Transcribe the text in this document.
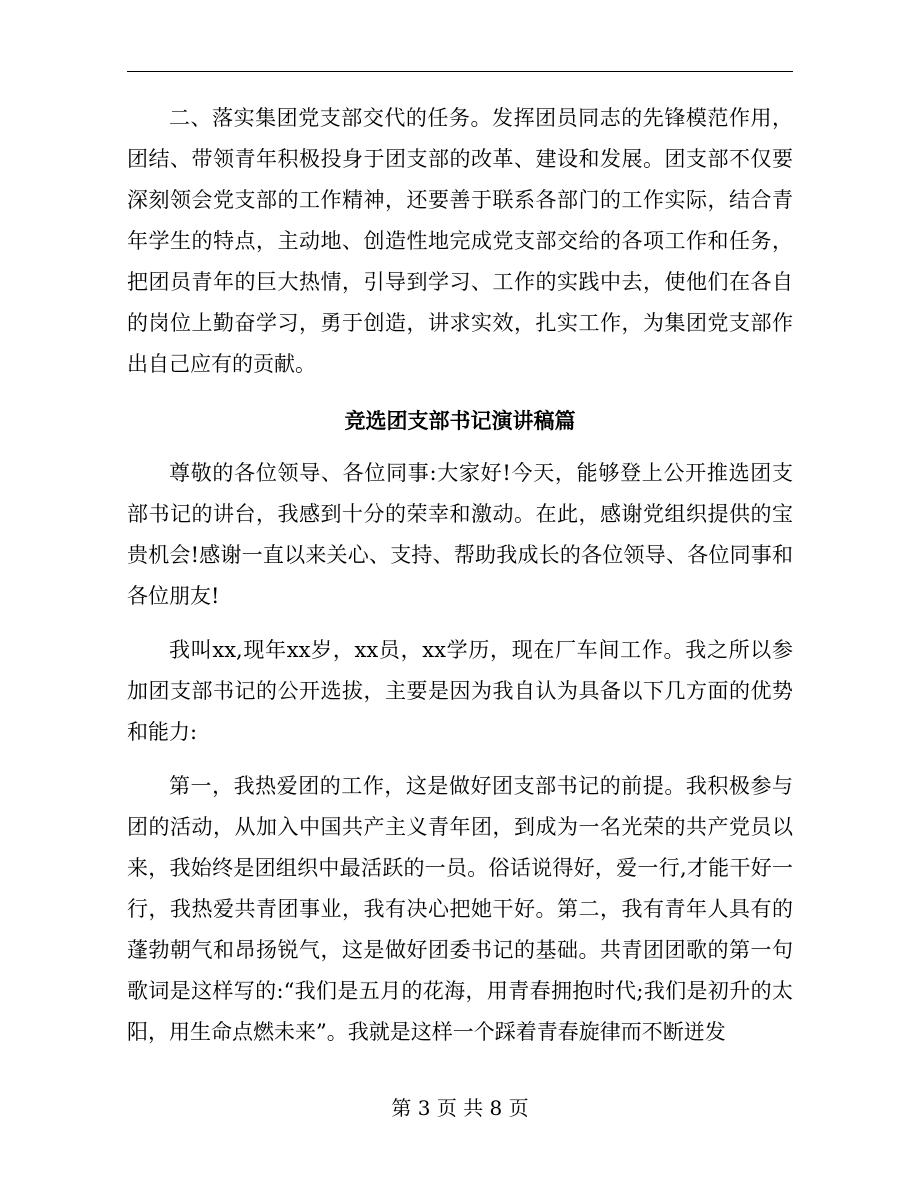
二、落实集团党支部交代的任务。发挥团员同志的先锋模范作用，团结、带领青年积极投身于团支部的改革、建设和发展。团支部不仅要深刻领会党支部的工作精神，还要善于联系各部门的工作实际，结合青年学生的特点，主动地、创造性地完成党支部交给的各项工作和任务，把团员青年的巨大热情，引导到学习、工作的实践中去，使他们在各自的岗位上勤奋学习，勇于创造，讲求实效，扎实工作，为集团党支部作出自己应有的贡献。

竞选团支部书记演讲稿篇

尊敬的各位领导、各位同事:大家好!今天，能够登上公开推选团支部书记的讲台，我感到十分的荣幸和激动。在此，感谢党组织提供的宝贵机会!感谢一直以来关心、支持、帮助我成长的各位领导、各位同事和各位朋友!

我叫xx,现年xx岁，xx员，xx学历，现在厂车间工作。我之所以参加团支部书记的公开选拔，主要是因为我自认为具备以下几方面的优势和能力:

第一，我热爱团的工作，这是做好团支部书记的前提。我积极参与团的活动，从加入中国共产主义青年团，到成为一名光荣的共产党员以来，我始终是团组织中最活跃的一员。俗话说得好，爱一行,才能干好一行，我热爱共青团事业，我有决心把她干好。第二，我有青年人具有的蓬勃朝气和昂扬锐气，这是做好团委书记的基础。共青团团歌的第一句歌词是这样写的:“我们是五月的花海，用青春拥抱时代;我们是初升的太阳，用生命点燃未来”。我就是这样一个踩着青春旋律而不断迸发

第 3 页 共 8 页
